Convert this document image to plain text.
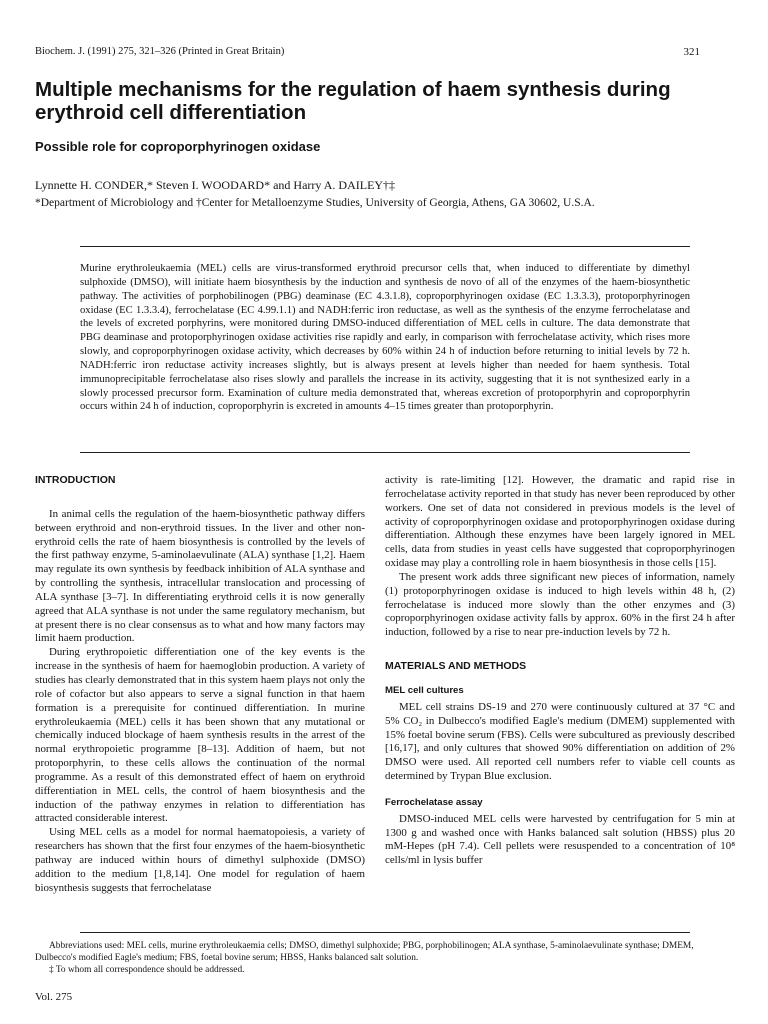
Biochem. J. (1991) 275, 321–326 (Printed in Great Britain)	321
Multiple mechanisms for the regulation of haem synthesis during erythroid cell differentiation
Possible role for coproporphyrinogen oxidase
Lynnette H. CONDER,* Steven I. WOODARD* and Harry A. DAILEY†‡
*Department of Microbiology and †Center for Metalloenzyme Studies, University of Georgia, Athens, GA 30602, U.S.A.
Murine erythroleukaemia (MEL) cells are virus-transformed erythroid precursor cells that, when induced to differentiate by dimethyl sulphoxide (DMSO), will initiate haem biosynthesis by the induction and synthesis de novo of all of the enzymes of the haem-biosynthetic pathway. The activities of porphobilinogen (PBG) deaminase (EC 4.3.1.8), coproporphyrinogen oxidase (EC 1.3.3.3), protoporphyrinogen oxidase (EC 1.3.3.4), ferrochelatase (EC 4.99.1.1) and NADH:ferric iron reductase, as well as the synthesis of the enzyme ferrochelatase and the levels of excreted porphyrins, were monitored during DMSO-induced differentiation of MEL cells in culture. The data demonstrate that PBG deaminase and protoporphyrinogen oxidase activities rise rapidly and early, in comparison with ferrochelatase activity, which rises more slowly, and coproporphyrinogen oxidase activity, which decreases by 60% within 24 h of induction before returning to initial levels by 72 h. NADH:ferric iron reductase activity increases slightly, but is always present at levels higher than needed for haem synthesis. Total immunoprecipitable ferrochelatase also rises slowly and parallels the increase in its activity, suggesting that it is not synthesized early in a slowly processed precursor form. Examination of culture media demonstrated that, whereas excretion of protoporphyrin and coproporphyrin occurs within 24 h of induction, coproporphyrin is excreted in amounts 4–15 times greater than protoporphyrin.
INTRODUCTION

In animal cells the regulation of the haem-biosynthetic pathway differs between erythroid and non-erythroid tissues. In the liver and other non-erythroid cells the rate of haem biosynthesis is controlled by the levels of the first pathway enzyme, 5-aminolaevulinate (ALA) synthase [1,2]. Haem may regulate its own synthesis by feedback inhibition of ALA synthase and by controlling the synthesis, intracellular translocation and processing of ALA synthase [3–7]. In differentiating erythroid cells it is now generally agreed that ALA synthase is not under the same regulatory mechanism, but at present there is no clear consensus as to what and how many factors may limit haem production.

During erythropoietic differentiation one of the key events is the increase in the synthesis of haem for haemoglobin production. A variety of studies has clearly demonstrated that in this system haem plays not only the role of cofactor but also appears to serve a signal function in that haem formation is a prerequisite for continued differentiation. In murine erythroleukaemia (MEL) cells it has been shown that any mutational or chemically induced blockage of haem synthesis results in the arrest of the normal erythropoietic programme [8–13]. Addition of haem, but not protoporphyrin, to these cells allows the continuation of the normal programme. As a result of this demonstrated effect of haem on erythroid differentiation in MEL cells, the control of haem biosynthesis and the induction of the pathway enzymes in relation to differentiation has attracted considerable interest.

Using MEL cells as a model for normal haematopoiesis, a variety of researchers has shown that the first four enzymes of the haem-biosynthetic pathway are induced within hours of dimethyl sulphoxide (DMSO) addition to the medium [1,8,14]. One model for regulation of haem biosynthesis suggests that ferrochelatase

activity is rate-limiting [12]. However, the dramatic and rapid rise in ferrochelatase activity reported in that study has never been reproduced by other workers. One set of data not considered in previous models is the level of activity of coproporphyrinogen oxidase and protoporphyrinogen oxidase during differentiation. Although these enzymes have been largely ignored in MEL cells, data from studies in yeast cells have suggested that coproporphyrinogen oxidase may play a controlling role in haem biosynthesis in those cells [15].

The present work adds three significant new pieces of information, namely (1) protoporphyrinogen oxidase is induced to high levels within 48 h, (2) ferrochelatase is induced more slowly than the other enzymes and (3) coproporphyrinogen oxidase activity falls by approx. 60% in the first 24 h after induction, followed by a rise to near pre-induction levels by 72 h.

MATERIALS AND METHODS
MEL cell cultures

MEL cell strains DS-19 and 270 were continuously cultured at 37 °C and 5% CO₂ in Dulbecco's modified Eagle's medium (DMEM) supplemented with 15% foetal bovine serum (FBS). Cells were subcultured as previously described [16,17], and only cultures that showed 90% differentiation on addition of 2% DMSO were used. All reported cell numbers refer to viable cell counts as determined by Trypan Blue exclusion.

Ferrochelatase assay

DMSO-induced MEL cells were harvested by centrifugation for 5 min at 1300 g and washed once with Hanks balanced salt solution (HBSS) plus 20 mM-Hepes (pH 7.4). Cell pellets were resuspended to a concentration of 10⁸ cells/ml in lysis buffer

Abbreviations used: MEL cells, murine erythroleukaemia cells; DMSO, dimethyl sulphoxide; PBG, porphobilinogen; ALA synthase, 5-aminolaevulinate synthase; DMEM, Dulbecco's modified Eagle's medium; FBS, foetal bovine serum; HBSS, Hanks balanced salt solution.
‡ To whom all correspondence should be addressed.
Vol. 275
